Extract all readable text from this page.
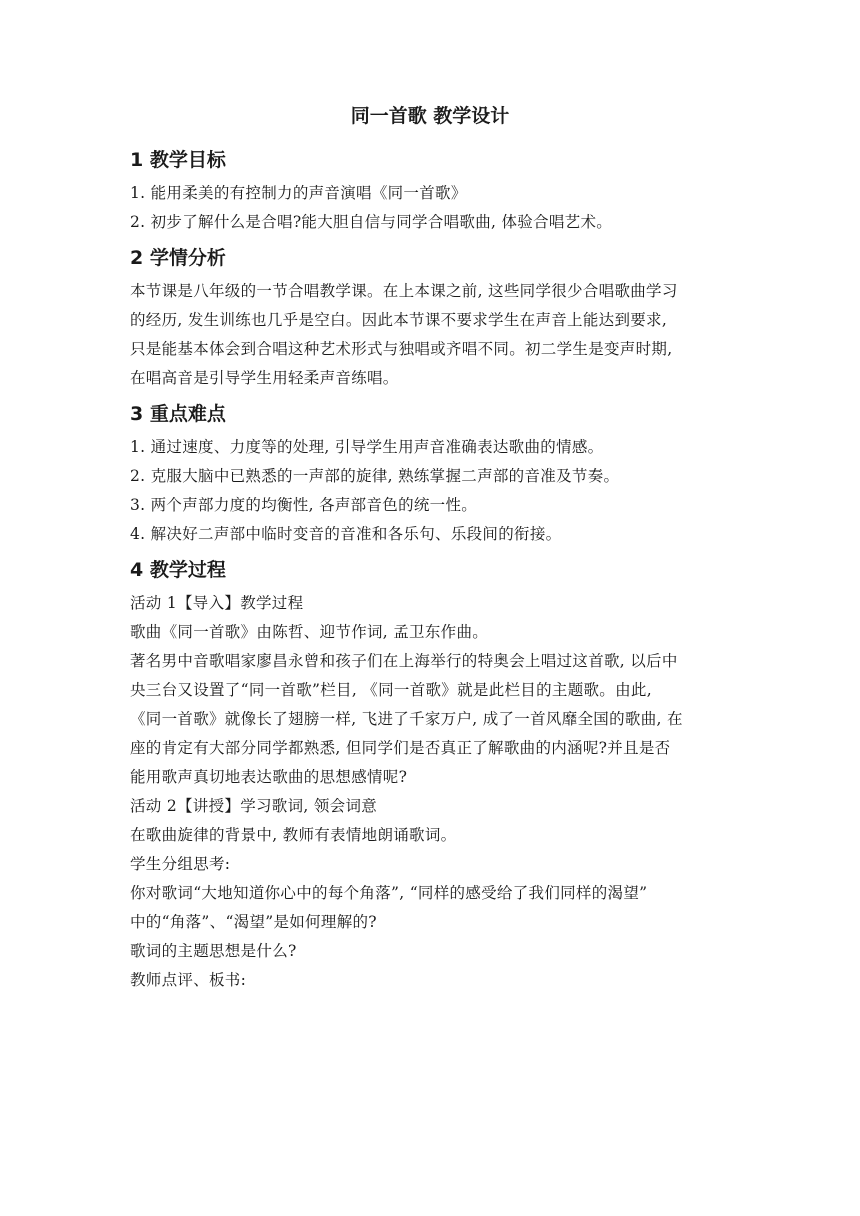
同一首歌 教学设计
1 教学目标

1. 能用柔美的有控制力的声音演唱《同一首歌》

2. 初步了解什么是合唱?能大胆自信与同学合唱歌曲, 体验合唱艺术。

2 学情分析

本节课是八年级的一节合唱教学课。在上本课之前, 这些同学很少合唱歌曲学习

的经历, 发生训练也几乎是空白。因此本节课不要求学生在声音上能达到要求,

只是能基本体会到合唱这种艺术形式与独唱或齐唱不同。初二学生是变声时期,

在唱高音是引导学生用轻柔声音练唱。

3 重点难点

1. 通过速度、力度等的处理, 引导学生用声音准确表达歌曲的情感。

2. 克服大脑中已熟悉的一声部的旋律, 熟练掌握二声部的音准及节奏。

3. 两个声部力度的均衡性, 各声部音色的统一性。

4. 解决好二声部中临时变音的音准和各乐句、乐段间的衔接。

4 教学过程

活动 1【导入】教学过程

歌曲《同一首歌》由陈哲、迎节作词, 孟卫东作曲。

著名男中音歌唱家廖昌永曾和孩子们在上海举行的特奥会上唱过这首歌, 以后中

央三台又设置了“同一首歌”栏目, 《同一首歌》就是此栏目的主题歌。由此,

《同一首歌》就像长了翅膀一样, 飞进了千家万户, 成了一首风靡全国的歌曲, 在

座的肯定有大部分同学都熟悉, 但同学们是否真正了解歌曲的内涵呢?并且是否

能用歌声真切地表达歌曲的思想感情呢?

活动 2【讲授】学习歌词, 领会词意

在歌曲旋律的背景中, 教师有表情地朗诵歌词。

学生分组思考:

你对歌词“大地知道你心中的每个角落”, “同样的感受给了我们同样的渴望”

中的“角落”、“渴望”是如何理解的?

歌词的主题思想是什么?

教师点评、板书:
